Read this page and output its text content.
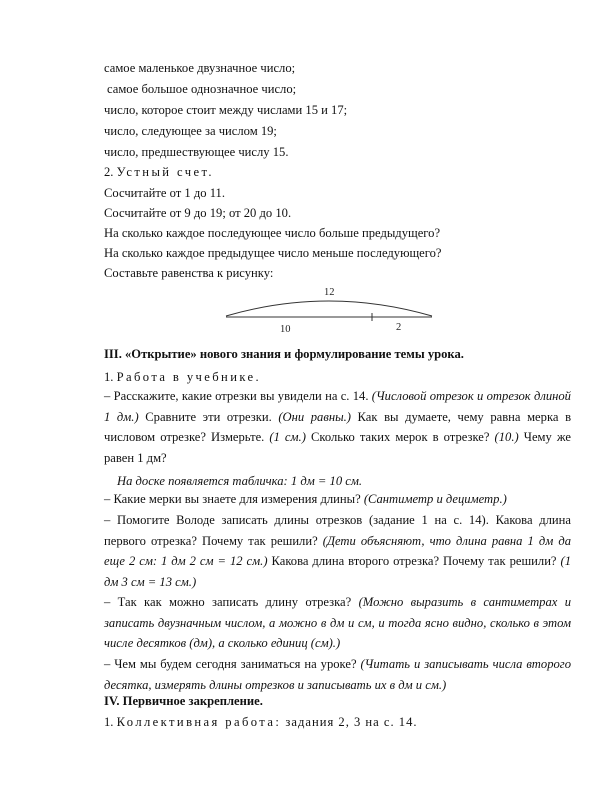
самое маленькое двузначное число;
самое большое однозначное число;
число, которое стоит между числами 15 и 17;
число, следующее за числом 19;
число, предшествующее числу 15.
2. Устный счет.
Сосчитайте от 1 до 11.
Сосчитайте от 9 до 19; от 20 до 10.
На сколько каждое последующее число больше предыдущего?
На сколько каждое предыдущее число меньше последующего?
Составьте равенства к рисунку:
12
10	2
III. «Открытие» нового знания и формулирование темы урока.
1. Работа в учебнике.
– Расскажите, какие отрезки вы увидели на с. 14. (Числовой отрезок и отрезок длиной 1 дм.) Сравните эти отрезки. (Они равны.) Как вы думаете, чему равна мерка в числовом отрезке? Измерьте. (1 см.) Сколько таких мерок в отрезке? (10.) Чему же равен 1 дм?
На доске появляется табличка: 1 дм = 10 см.
– Какие мерки вы знаете для измерения длины? (Сантиметр и дециметр.)
– Помогите Володе записать длины отрезков (задание 1 на с. 14). Какова длина первого отрезка? Почему так решили? (Дети объясняют, что длина равна 1 дм да еще 2 см: 1 дм 2 см = 12 см.) Какова длина второго отрезка? Почему так решили? (1 дм 3 см = 13 см.)
– Так как можно записать длину отрезка? (Можно выразить в сантиметрах и записать двузначным числом, а можно в дм и см, и тогда ясно видно, сколько в этом числе десятков (дм), а сколько единиц (см).)
– Чем мы будем сегодня заниматься на уроке? (Читать и записывать числа второго десятка, измерять длины отрезков и записывать их в дм и см.)
IV. Первичное закрепление.
1. Коллективная работа: задания 2, 3 на с. 14.
